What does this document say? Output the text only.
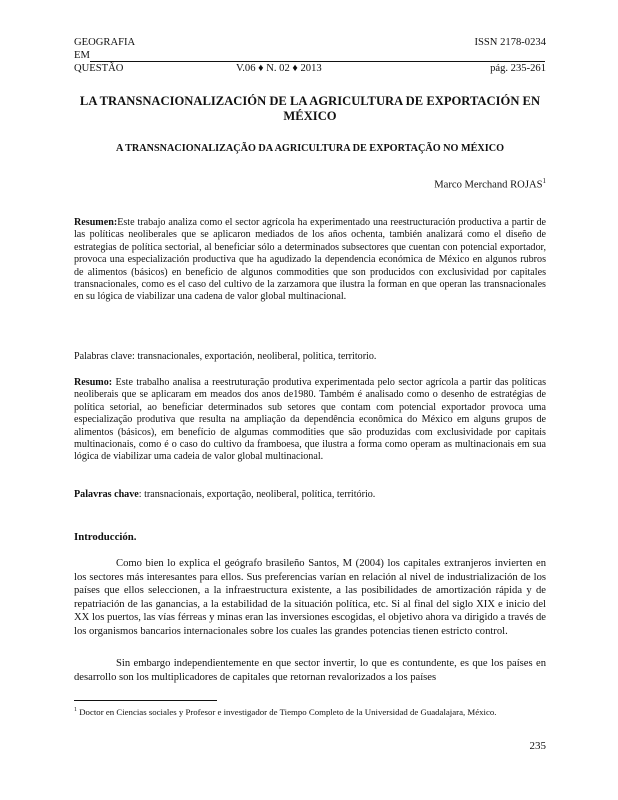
GEOGRAFIA	ISSN 2178-0234
EM
QUESTÃO	V.06 ♦ N. 02 ♦ 2013	pág. 235-261
LA TRANSNACIONALIZACIÓN DE LA AGRICULTURA DE EXPORTACIÓN EN MÉXICO
A TRANSNACIONALIZAÇÃO DA AGRICULTURA DE EXPORTAÇÃO NO MÉXICO
Marco Merchand ROJAS$^1$
Resumen:Este trabajo analiza como el sector agrícola ha experimentado una reestructuración productiva a partir de las políticas neoliberales que se aplicaron mediados de los años ochenta, también analizará como el diseño de estrategias de política sectorial, al beneficiar sólo a determinados subsectores que cuentan con potencial exportador, provoca una especialización productiva que ha agudizado la dependencia económica de México en algunos rubros de alimentos (básicos) en beneficio de algunos commodities que son producidos con exclusividad por capitales transnacionales, como es el caso del cultivo de la zarzamora que ilustra la forman en que operan las transnacionales en su lógica de viabilizar una cadena de valor global multinacional.
Palabras clave: transnacionales, exportación, neoliberal, politica, territorio.
Resumo: Este trabalho analisa a reestruturação produtiva experimentada pelo sector agrícola a partir das políticas neoliberais que se aplicaram em meados dos anos de1980. Também é analisado como o desenho de estratégias de política setorial, ao beneficiar determinados sub setores que contam com potencial exportador provoca uma especialização produtiva que resulta na ampliação da dependência econômica do México em alguns grupos de alimentos (básicos), em benefício de algumas commodities que são produzidas com exclusividade por capitais multinacionais, como é o caso do cultivo da framboesa, que ilustra a forma como operam as multinacionais em sua lógica de viabilizar uma cadeia de valor global multinacional.
Palavras chave: transnacionais, exportação, neoliberal, política, território.
Introducción.
Como bien lo explica el geógrafo brasileño Santos, M (2004) los capitales extranjeros invierten en los sectores más interesantes para ellos. Sus preferencias varían en relación al nivel de industrialización de los países que ellos seleccionen, a la infraestructura existente, a las posibilidades de amortización rápida y de repatriación de las ganancias, a la estabilidad de la situación política, etc. Si al final del siglo XIX e inicio del XX los puertos, las vías férreas y minas eran las inversiones escogidas, el objetivo ahora va dirigido a través de los organismos bancarios internacionales sobre los cuales las grandes potencias tienen estricto control.
Sin embargo independientemente en que sector invertir, lo que es contundente, es que los países en desarrollo son los multiplicadores de capitales que retornan revalorizados a los países
$^1$ Doctor en Ciencias sociales y Profesor e investigador de Tiempo Completo de la Universidad de Guadalajara, México.
235
